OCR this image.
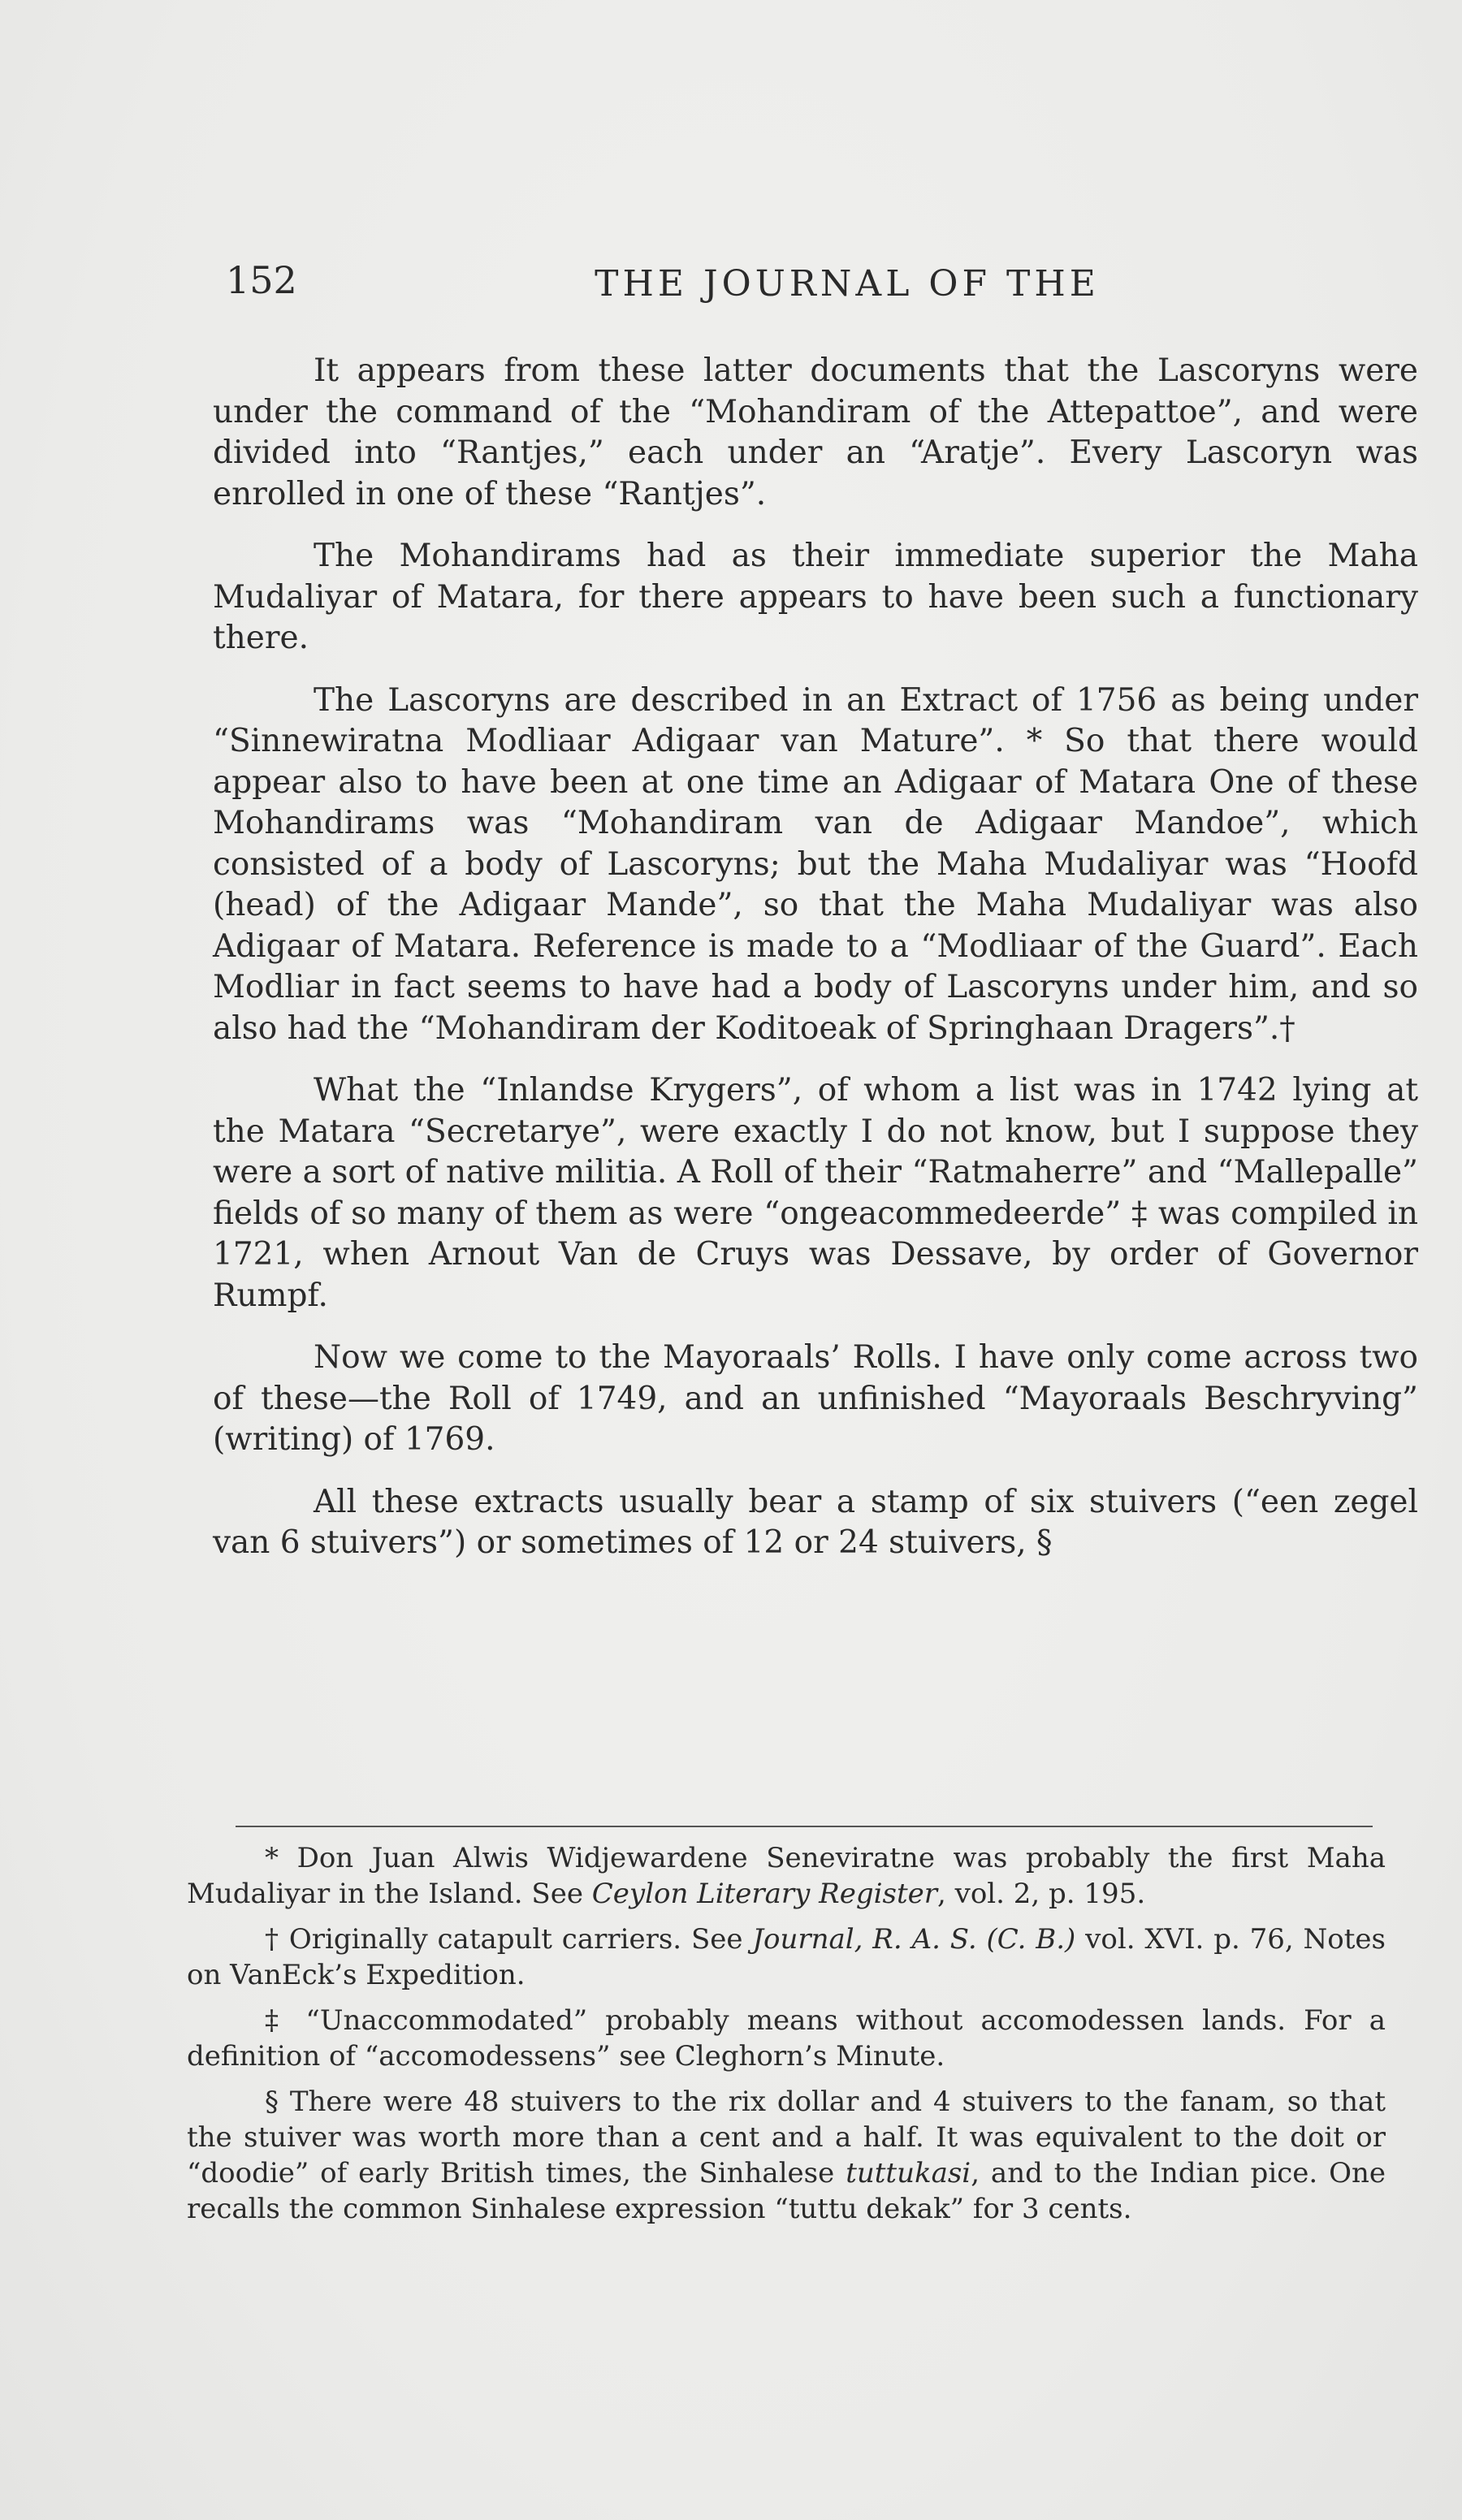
152	THE JOURNAL OF THE

It appears from these latter documents that the Lascoryns were under the command of the “Mohandiram of the Attepattoe”, and were divided into “Rantjes,” each under an “Aratje”. Every Lascoryn was enrolled in one of these “Rantjes”.

The Mohandirams had as their immediate superior the Maha Mudaliyar of Matara, for there appears to have been such a functionary there.

The Lascoryns are described in an Extract of 1756 as being under “Sinnewiratna Modliaar Adigaar van Mature”. * So that there would appear also to have been at one time an Adigaar of Matara One of these Mohandirams was “Mohandiram van de Adigaar Mandoe”, which consisted of a body of Lascoryns; but the Maha Mudaliyar was “Hoofd (head) of the Adigaar Mande”, so that the Maha Mudaliyar was also Adigaar of Matara. Reference is made to a “Modliaar of the Guard”. Each Modliar in fact seems to have had a body of Lascoryns under him, and so also had the “Mohandiram der Koditoeak of Springhaan Dragers”.†

What the “Inlandse Krygers”, of whom a list was in 1742 lying at the Matara “Secretarye”, were exactly I do not know, but I suppose they were a sort of native militia. A Roll of their “Ratmaherre” and “Mallepalle” fields of so many of them as were “ongeacommedeerde” ‡ was compiled in 1721, when Arnout Van de Cruys was Dessave, by order of Governor Rumpf.

Now we come to the Mayoraals’ Rolls. I have only come across two of these—the Roll of 1749, and an unfinished “Mayoraals Beschryving” (writing) of 1769.

All these extracts usually bear a stamp of six stuivers (“een zegel van 6 stuivers”) or sometimes of 12 or 24 stuivers, §

* Don Juan Alwis Widjewardene Seneviratne was probably the first Maha Mudaliyar in the Island. See Ceylon Literary Register, vol. 2, p. 195.

† Originally catapult carriers. See Journal, R. A. S. (C. B.) vol. XVI. p. 76, Notes on VanEck’s Expedition.

‡ “Unaccommodated” probably means without accomodessen lands. For a definition of “accomodessens” see Cleghorn’s Minute.

§ There were 48 stuivers to the rix dollar and 4 stuivers to the fanam, so that the stuiver was worth more than a cent and a half. It was equivalent to the doit or “doodie” of early British times, the Sinhalese tuttukasi, and to the Indian pice. One recalls the common Sinhalese expression “tuttu dekak” for 3 cents.
